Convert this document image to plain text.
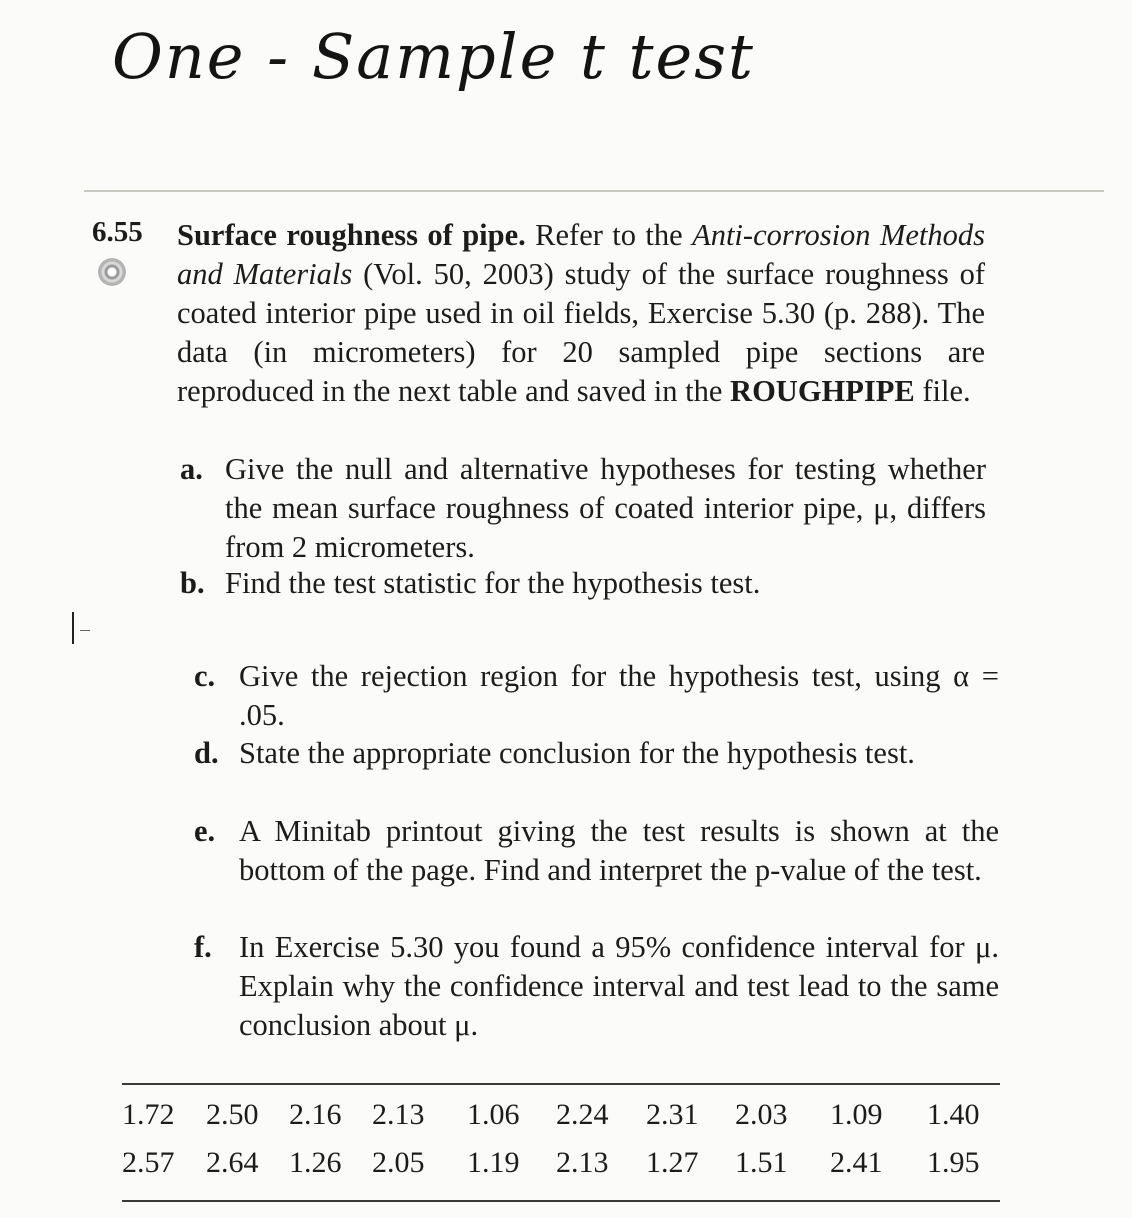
One - Sample t test
6.55 Surface roughness of pipe. Refer to the Anti-corrosion Methods and Materials (Vol. 50, 2003) study of the surface roughness of coated interior pipe used in oil fields, Exercise 5.30 (p. 288). The data (in micrometers) for 20 sampled pipe sections are reproduced in the next table and saved in the ROUGHPIPE file.
a. Give the null and alternative hypotheses for testing whether the mean surface roughness of coated interior pipe, μ, differs from 2 micrometers.
b. Find the test statistic for the hypothesis test.
c. Give the rejection region for the hypothesis test, using α = .05.
d. State the appropriate conclusion for the hypothesis test.
e. A Minitab printout giving the test results is shown at the bottom of the page. Find and interpret the p-value of the test.
f. In Exercise 5.30 you found a 95% confidence interval for μ. Explain why the confidence interval and test lead to the same conclusion about μ.
1.72 2.50 2.16 2.13 1.06 2.24 2.31 2.03 1.09 1.40
2.57 2.64 1.26 2.05 1.19 2.13 1.27 1.51 2.41 1.95
